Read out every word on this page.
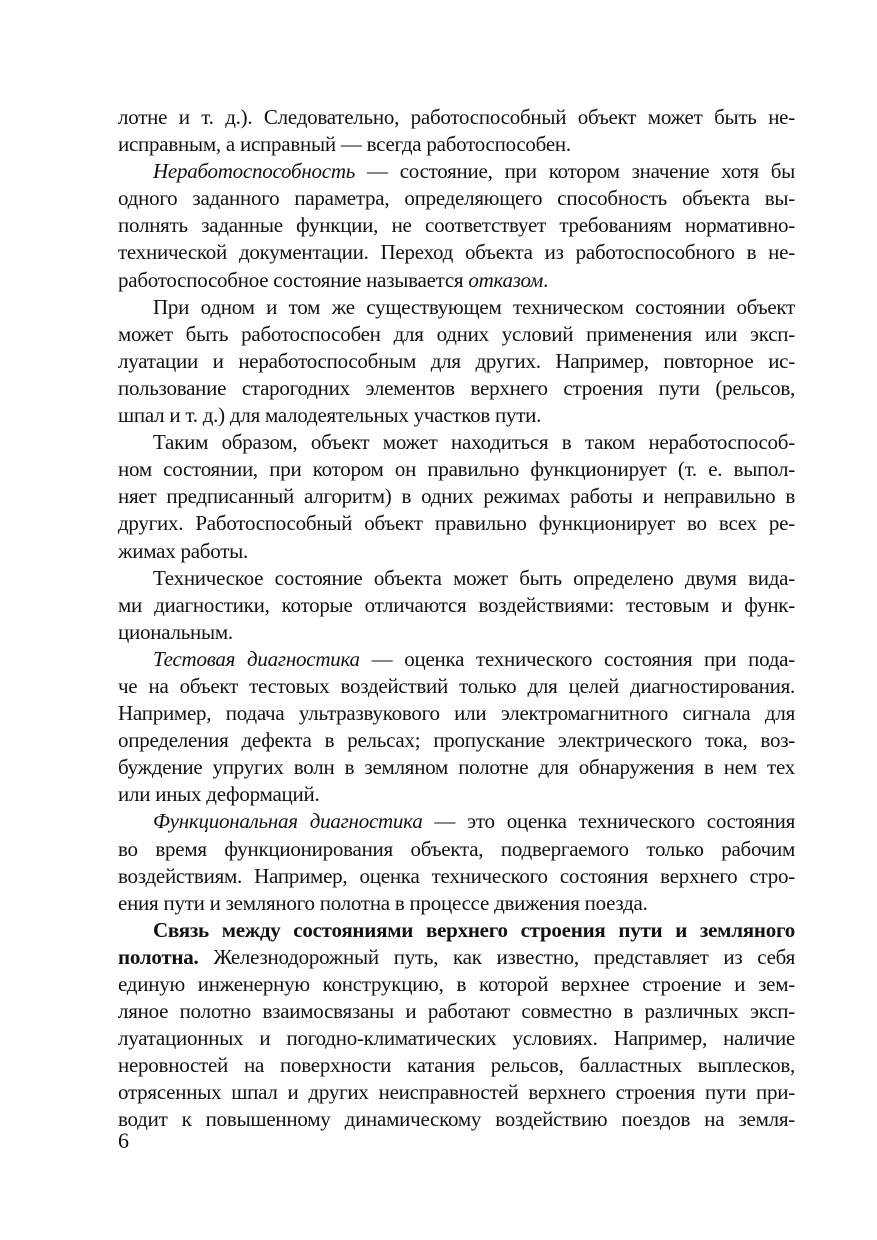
лотне и т. д.). Следовательно, работоспособный объект может быть не-
исправным, а исправный — всегда работоспособен.
Неработоспособность — состояние, при котором значение хотя бы
одного заданного параметра, определяющего способность объекта вы-
полнять заданные функции, не соответствует требованиям нормативно-
технической документации. Переход объекта из работоспособного в не-
работоспособное состояние называется отказом.
При одном и том же существующем техническом состоянии объект
может быть работоспособен для одних условий применения или эксп-
луатации и неработоспособным для других. Например, повторное ис-
пользование старогодних элементов верхнего строения пути (рельсов,
шпал и т. д.) для малодеятельных участков пути.
Таким образом, объект может находиться в таком неработоспособ-
ном состоянии, при котором он правильно функционирует (т. е. выпол-
няет предписанный алгоритм) в одних режимах работы и неправильно в
других. Работоспособный объект правильно функционирует во всех ре-
жимах работы.
Техническое состояние объекта может быть определено двумя вида-
ми диагностики, которые отличаются воздействиями: тестовым и функ-
циональным.
Тестовая диагностика — оценка технического состояния при пода-
че на объект тестовых воздействий только для целей диагностирования.
Например, подача ультразвукового или электромагнитного сигнала для
определения дефекта в рельсах; пропускание электрического тока, воз-
буждение упругих волн в земляном полотне для обнаружения в нем тех
или иных деформаций.
Функциональная диагностика — это оценка технического состояния
во время функционирования объекта, подвергаемого только рабочим
воздействиям. Например, оценка технического состояния верхнего стро-
ения пути и земляного полотна в процессе движения поезда.
Связь между состояниями верхнего строения пути и земляного
полотна. Железнодорожный путь, как известно, представляет из себя
единую инженерную конструкцию, в которой верхнее строение и зем-
ляное полотно взаимосвязаны и работают совместно в различных эксп-
луатационных и погодно-климатических условиях. Например, наличие
неровностей на поверхности катания рельсов, балластных выплесков,
отрясенных шпал и других неисправностей верхнего строения пути при-
водит к повышенному динамическому воздействию поездов на земля-
6
